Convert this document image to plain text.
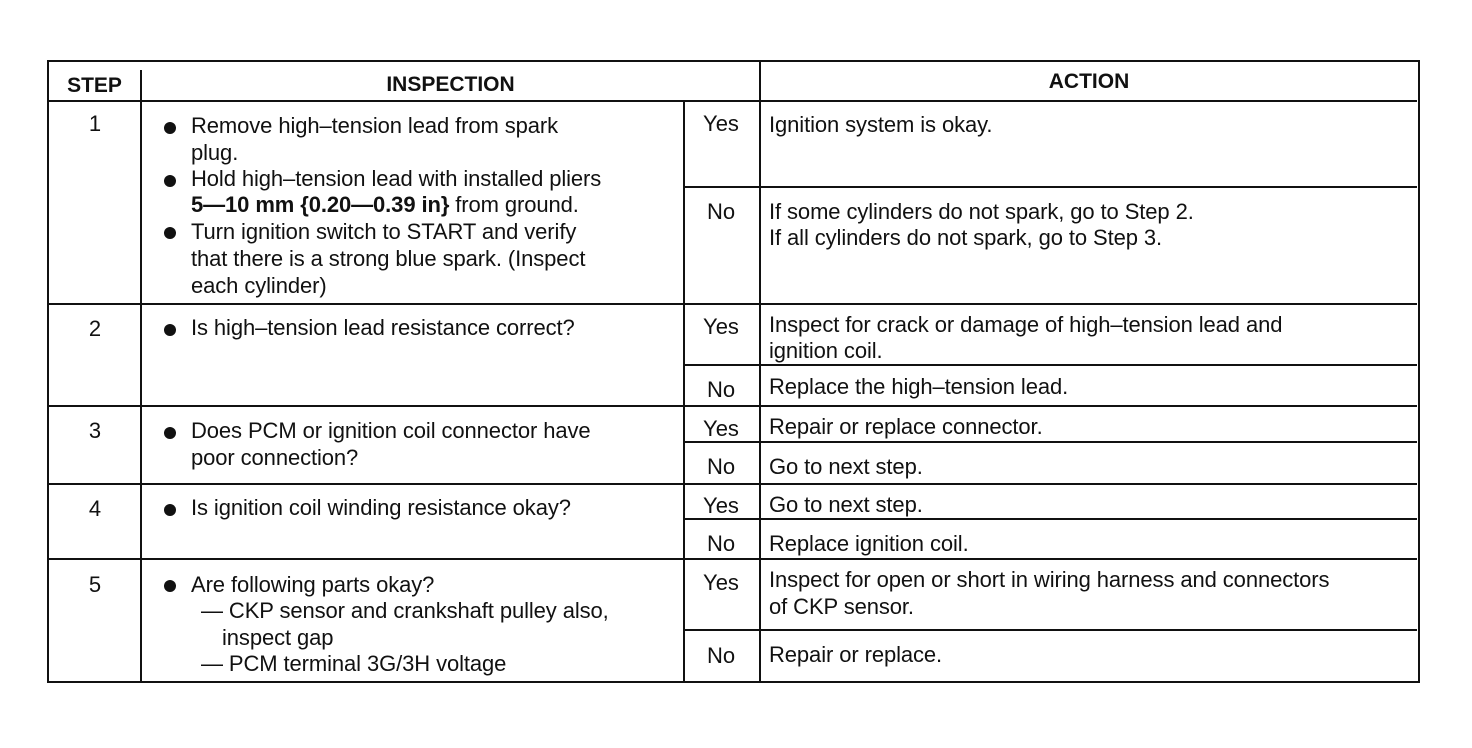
STEP	INSPECTION	ACTION
1	Remove high–tension lead from spark
plug.
Hold high–tension lead with installed pliers
5—10 mm {0.20—0.39 in} from ground.
Turn ignition switch to START and verify
that there is a strong blue spark. (Inspect
each cylinder)
Yes	Ignition system is okay.
No	If some cylinders do not spark, go to Step 2.
If all cylinders do not spark, go to Step 3.
2	Is high–tension lead resistance correct?	Yes	Inspect for crack or damage of high–tension lead and
ignition coil.
No	Replace the high–tension lead.
3	Does PCM or ignition coil connector have
poor connection?
Yes	Repair or replace connector.
No	Go to next step.
4	Is ignition coil winding resistance okay?	Yes	Go to next step.
No	Replace ignition coil.
5	Are following parts okay?
— CKP sensor and crankshaft pulley also,
inspect gap
— PCM terminal 3G/3H voltage
Yes	Inspect for open or short in wiring harness and connectors
of CKP sensor.
No	Repair or replace.
